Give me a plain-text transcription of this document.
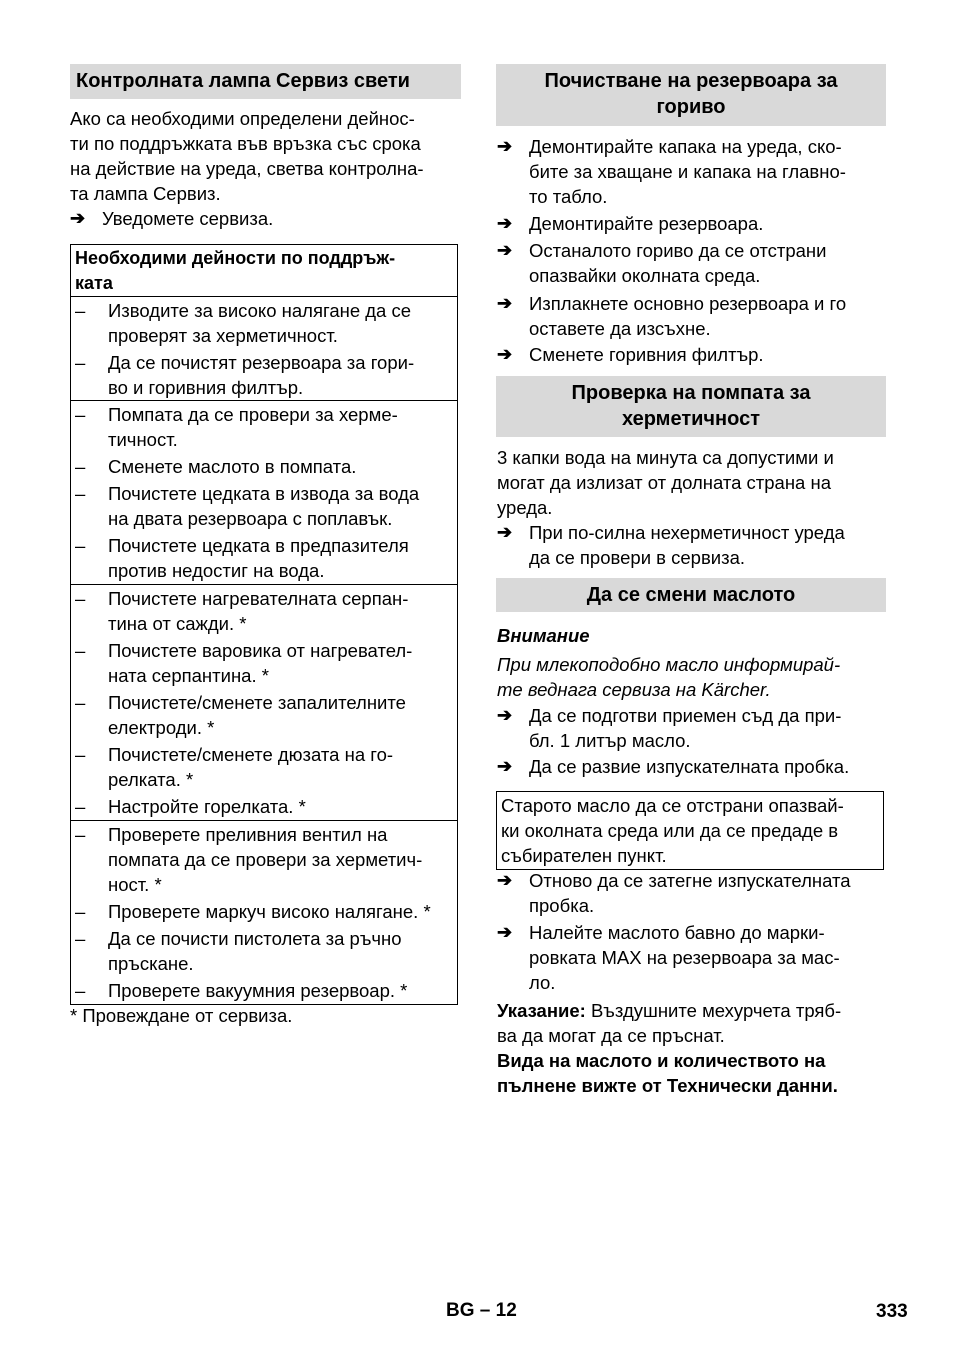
Контролната лампа Сервиз свети
Ако са необходими определени дейнос-
ти по поддръжката във връзка със срока
на действие на уреда, светва контролна-
та лампа Сервиз.
➔ Уведомете сервиза.
Необходими дейности по поддръж-
ката
– Изводите за високо налягане да се
проверят за херметичност.
– Да се почистят резервоара за гори-
во и горивния филтър.
– Помпата да се провери за херме-
тичност.
– Сменете маслото в помпата.
– Почистете цедката в извода за вода
на двата резервоара с поплавък.
– Почистете цедката в предпазителя
против недостиг на вода.
– Почистете нагревателната серпан-
тина от сажди. *
– Почистете варовика от нагревател-
ната серпантина. *
– Почистете/сменете запалителните
електроди. *
– Почистете/сменете дюзата на го-
релката. *
– Настройте горелката. *
– Проверете преливния вентил на
помпата да се провери за херметич-
ност. *
– Проверете маркуч високо налягане. *
– Да се почисти пистолета за ръчно
пръскане.
– Проверете вакуумния резервоар. *
* Провеждане от сервиза.
Почистване на резервоара за
гориво
➔ Демонтирайте капака на уреда, ско-
бите за хващане и капака на главно-
то табло.
➔ Демонтирайте резервоара.
➔ Останалото гориво да се отстрани
опазвайки околната среда.
➔ Изплакнете основно резервоара и го
оставете да изсъхне.
➔ Сменете горивния филтър.
Проверка на помпата за
херметичност
3 капки вода на минута са допустими и
могат да излизат от долната страна на
уреда.
➔ При по-силна нехерметичност уреда
да се провери в сервиза.
Да се смени маслото
Внимание
При млекоподобно масло информирай-
те веднага сервиза на Kärcher.
➔ Да се подготви приемен съд да при-
бл. 1 литър масло.
➔ Да се развие изпускателната пробка.
Старото масло да се отстрани опазвай-
ки околната среда или да се предаде в
събирателен пункт.
➔ Отново да се затегне изпускателната
пробка.
➔ Налейте маслото бавно до марки-
ровката MAX на резервоара за мас-
ло.
Указание: Въздушните мехурчета тряб-
ва да могат да се пръснат.
Вида на маслото и количеството на
пълнене вижте от Технически данни.
BG – 12	333
